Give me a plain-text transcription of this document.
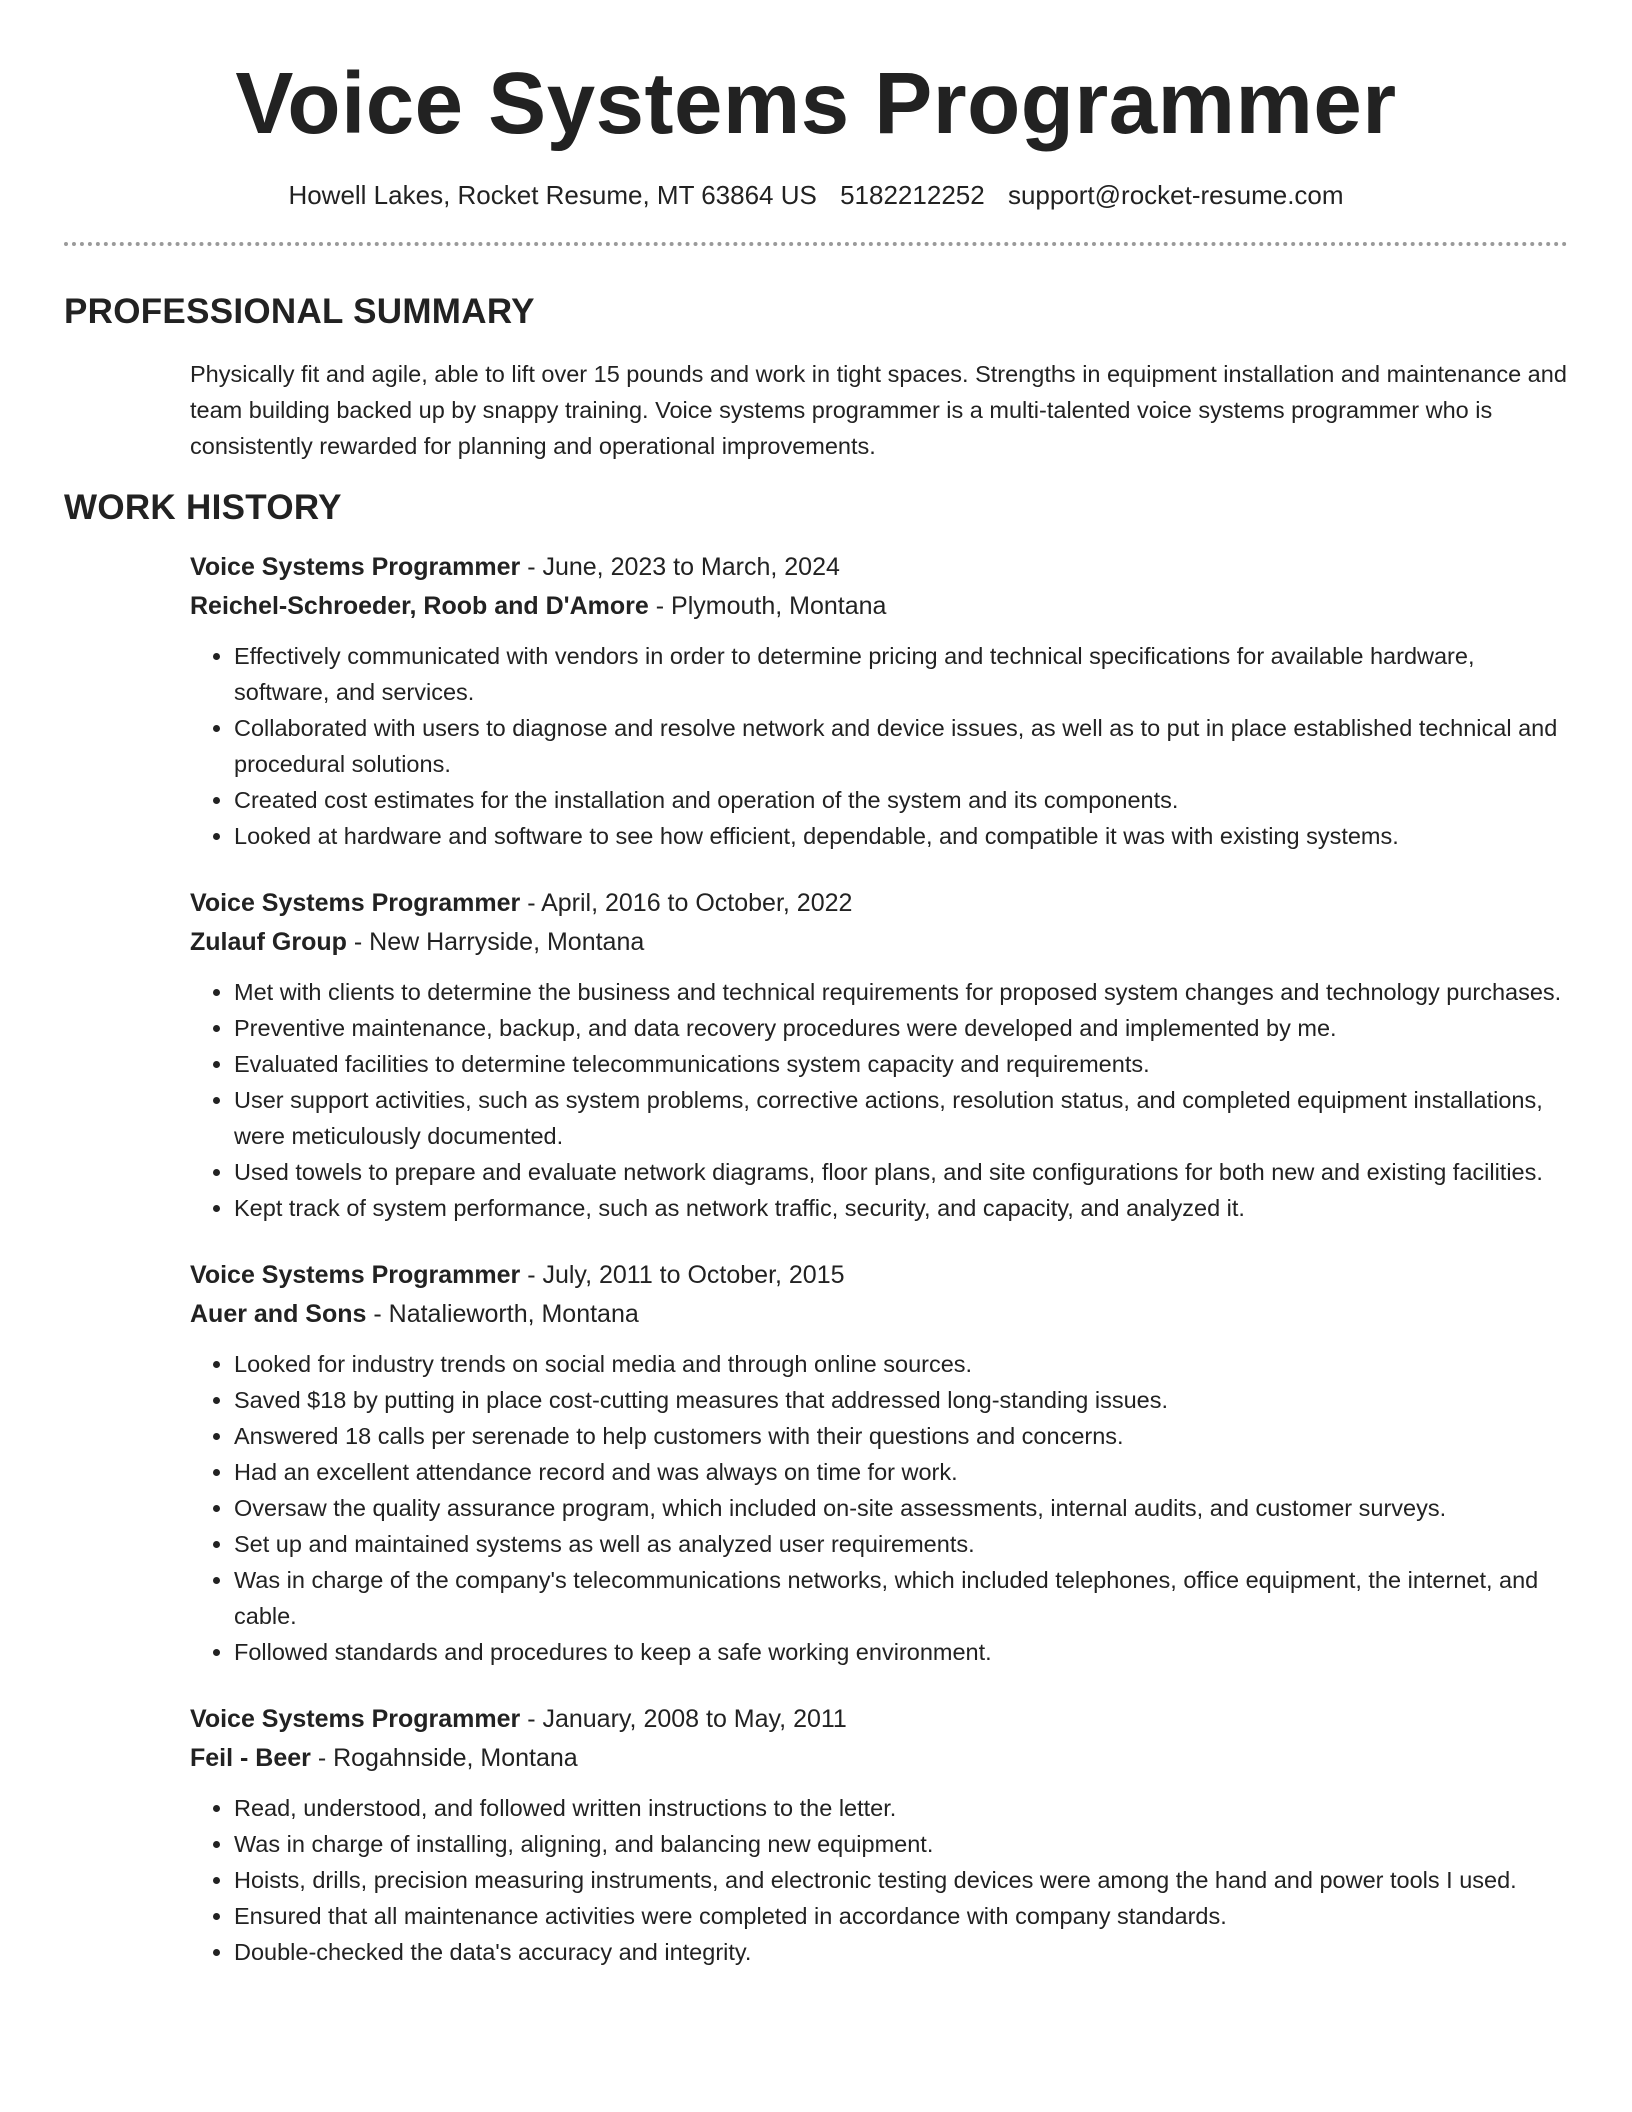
Voice Systems Programmer
Howell Lakes, Rocket Resume, MT 63864 US 5182212252 support@rocket-resume.com
PROFESSIONAL SUMMARY

Physically fit and agile, able to lift over 15 pounds and work in tight spaces. Strengths in equipment installation and maintenance and team building backed up by snappy training. Voice systems programmer is a multi-talented voice systems programmer who is consistently rewarded for planning and operational improvements.

WORK HISTORY
Voice Systems Programmer - June, 2023 to March, 2024
Reichel-Schroeder, Roob and D'Amore - Plymouth, Montana
• Effectively communicated with vendors in order to determine pricing and technical specifications for available hardware, software, and services.
• Collaborated with users to diagnose and resolve network and device issues, as well as to put in place established technical and procedural solutions.
• Created cost estimates for the installation and operation of the system and its components.
• Looked at hardware and software to see how efficient, dependable, and compatible it was with existing systems.
Voice Systems Programmer - April, 2016 to October, 2022
Zulauf Group - New Harryside, Montana
• Met with clients to determine the business and technical requirements for proposed system changes and technology purchases.
• Preventive maintenance, backup, and data recovery procedures were developed and implemented by me.
• Evaluated facilities to determine telecommunications system capacity and requirements.
• User support activities, such as system problems, corrective actions, resolution status, and completed equipment installations, were meticulously documented.
• Used towels to prepare and evaluate network diagrams, floor plans, and site configurations for both new and existing facilities.
• Kept track of system performance, such as network traffic, security, and capacity, and analyzed it.
Voice Systems Programmer - July, 2011 to October, 2015
Auer and Sons - Natalieworth, Montana
• Looked for industry trends on social media and through online sources.
• Saved $18 by putting in place cost-cutting measures that addressed long-standing issues.
• Answered 18 calls per serenade to help customers with their questions and concerns.
• Had an excellent attendance record and was always on time for work.
• Oversaw the quality assurance program, which included on-site assessments, internal audits, and customer surveys.
• Set up and maintained systems as well as analyzed user requirements.
• Was in charge of the company's telecommunications networks, which included telephones, office equipment, the internet, and cable.
• Followed standards and procedures to keep a safe working environment.
Voice Systems Programmer - January, 2008 to May, 2011
Feil - Beer - Rogahnside, Montana
• Read, understood, and followed written instructions to the letter.
• Was in charge of installing, aligning, and balancing new equipment.
• Hoists, drills, precision measuring instruments, and electronic testing devices were among the hand and power tools I used.
• Ensured that all maintenance activities were completed in accordance with company standards.
• Double-checked the data's accuracy and integrity.
